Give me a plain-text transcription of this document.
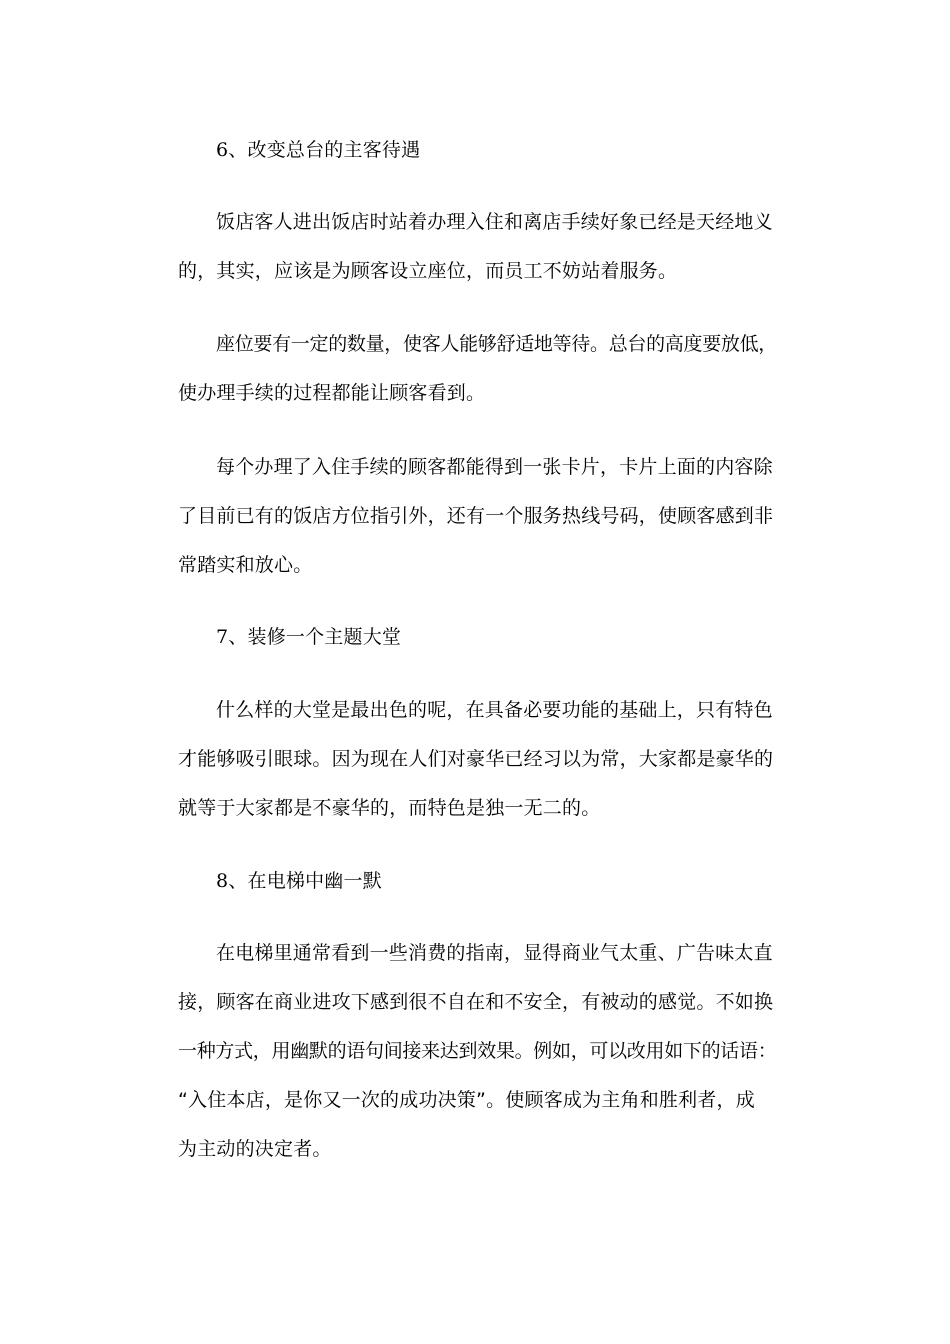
6、改变总台的主客待遇
饭店客人进出饭店时站着办理入住和离店手续好象已经是天经地义
的，其实，应该是为顾客设立座位，而员工不妨站着服务。
座位要有一定的数量，使客人能够舒适地等待。总台的高度要放低，
使办理手续的过程都能让顾客看到。
每个办理了入住手续的顾客都能得到一张卡片，卡片上面的内容除
了目前已有的饭店方位指引外，还有一个服务热线号码，使顾客感到非
常踏实和放心。
7、装修一个主题大堂
什么样的大堂是最出色的呢，在具备必要功能的基础上，只有特色
才能够吸引眼球。因为现在人们对豪华已经习以为常，大家都是豪华的
就等于大家都是不豪华的，而特色是独一无二的。
8、在电梯中幽一默
在电梯里通常看到一些消费的指南，显得商业气太重、广告味太直
接，顾客在商业进攻下感到很不自在和不安全，有被动的感觉。不如换
一种方式，用幽默的语句间接来达到效果。例如，可以改用如下的话语：
“入住本店，是你又一次的成功决策”。使顾客成为主角和胜利者，成
为主动的决定者。
